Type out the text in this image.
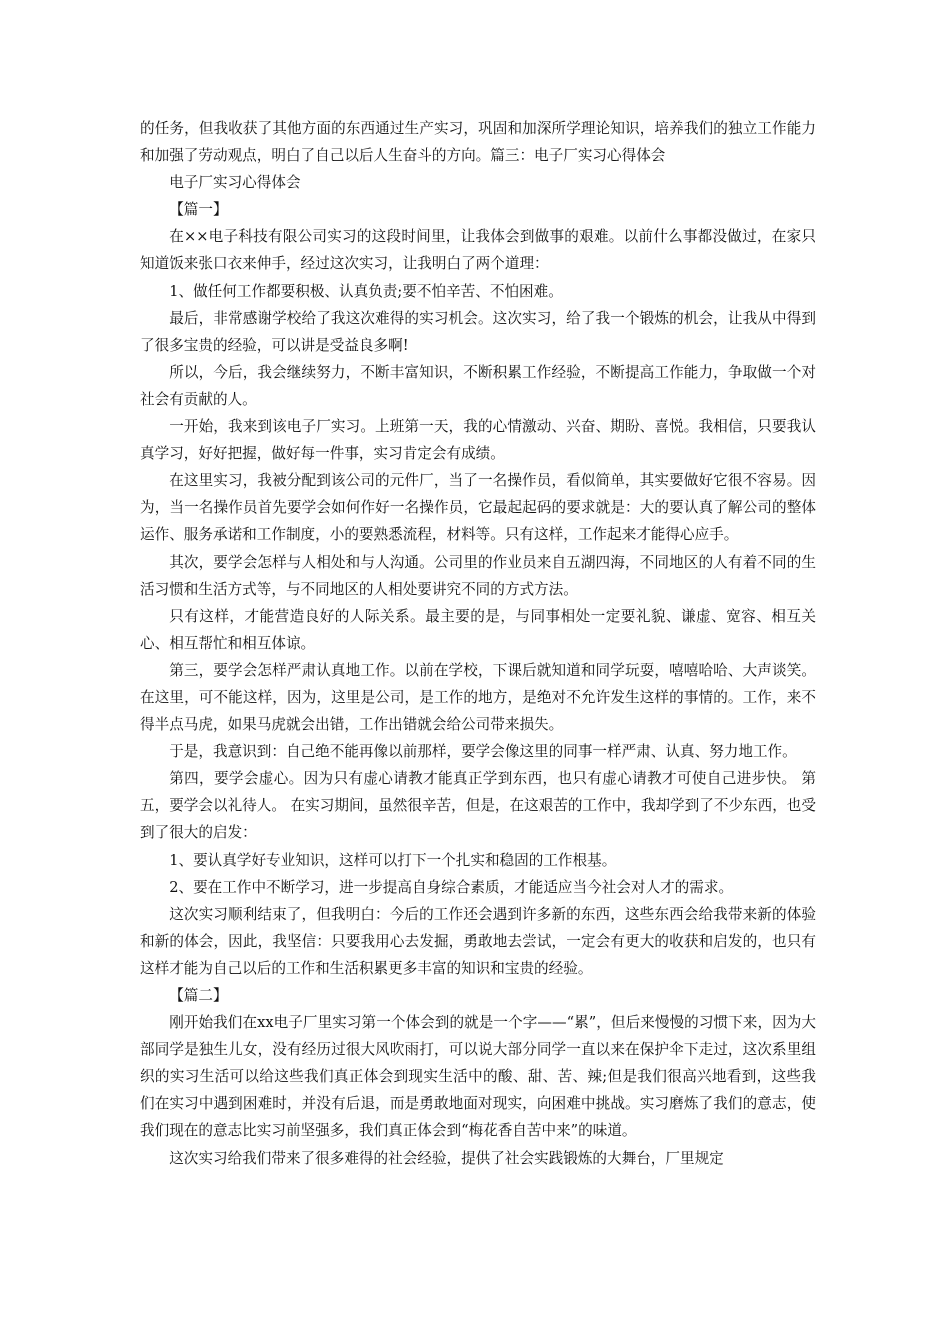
的任务，但我收获了其他方面的东西通过生产实习，巩固和加深所学理论知识，培养我们的独立工作能力和加强了劳动观点，明白了自己以后人生奋斗的方向。篇三：电子厂实习心得体会

电子厂实习心得体会

【篇一】

在××电子科技有限公司实习的这段时间里，让我体会到做事的艰难。以前什么事都没做过，在家只知道饭来张口衣来伸手，经过这次实习，让我明白了两个道理：

1、做任何工作都要积极、认真负责;要不怕辛苦、不怕困难。

最后，非常感谢学校给了我这次难得的实习机会。这次实习，给了我一个锻炼的机会，让我从中得到了很多宝贵的经验，可以讲是受益良多啊!

所以，今后，我会继续努力，不断丰富知识，不断积累工作经验，不断提高工作能力，争取做一个对社会有贡献的人。

一开始，我来到该电子厂实习。上班第一天，我的心情激动、兴奋、期盼、喜悦。我相信，只要我认真学习，好好把握，做好每一件事，实习肯定会有成绩。

在这里实习，我被分配到该公司的元件厂，当了一名操作员，看似简单，其实要做好它很不容易。因为，当一名操作员首先要学会如何作好一名操作员，它最起起码的要求就是：大的要认真了解公司的整体运作、服务承诺和工作制度，小的要熟悉流程，材料等。只有这样，工作起来才能得心应手。

其次，要学会怎样与人相处和与人沟通。公司里的作业员来自五湖四海，不同地区的人有着不同的生活习惯和生活方式等，与不同地区的人相处要讲究不同的方式方法。

只有这样，才能营造良好的人际关系。最主要的是，与同事相处一定要礼貌、谦虚、宽容、相互关心、相互帮忙和相互体谅。

第三，要学会怎样严肃认真地工作。以前在学校，下课后就知道和同学玩耍，嘻嘻哈哈、大声谈笑。在这里，可不能这样，因为，这里是公司，是工作的地方，是绝对不允许发生这样的事情的。工作，来不得半点马虎，如果马虎就会出错，工作出错就会给公司带来损失。

于是，我意识到：自己绝不能再像以前那样，要学会像这里的同事一样严肃、认真、努力地工作。

第四，要学会虚心。因为只有虚心请教才能真正学到东西，也只有虚心请教才可使自己进步快。 第五，要学会以礼待人。 在实习期间，虽然很辛苦，但是，在这艰苦的工作中，我却学到了不少东西，也受到了很大的启发：

1、要认真学好专业知识，这样可以打下一个扎实和稳固的工作根基。

2、要在工作中不断学习，进一步提高自身综合素质，才能适应当今社会对人才的需求。

这次实习顺利结束了，但我明白：今后的工作还会遇到许多新的东西，这些东西会给我带来新的体验和新的体会，因此，我坚信：只要我用心去发掘，勇敢地去尝试，一定会有更大的收获和启发的，也只有这样才能为自己以后的工作和生活积累更多丰富的知识和宝贵的经验。

【篇二】

刚开始我们在xx电子厂里实习第一个体会到的就是一个字——“累”，但后来慢慢的习惯下来，因为大部同学是独生儿女，没有经历过很大风吹雨打，可以说大部分同学一直以来在保护伞下走过，这次系里组织的实习生活可以给这些我们真正体会到现实生活中的酸、甜、苦、辣;但是我们很高兴地看到，这些我们在实习中遇到困难时，并没有后退，而是勇敢地面对现实，向困难中挑战。实习磨炼了我们的意志，使我们现在的意志比实习前坚强多，我们真正体会到“梅花香自苦中来”的味道。

这次实习给我们带来了很多难得的社会经验，提供了社会实践锻炼的大舞台，厂里规定
